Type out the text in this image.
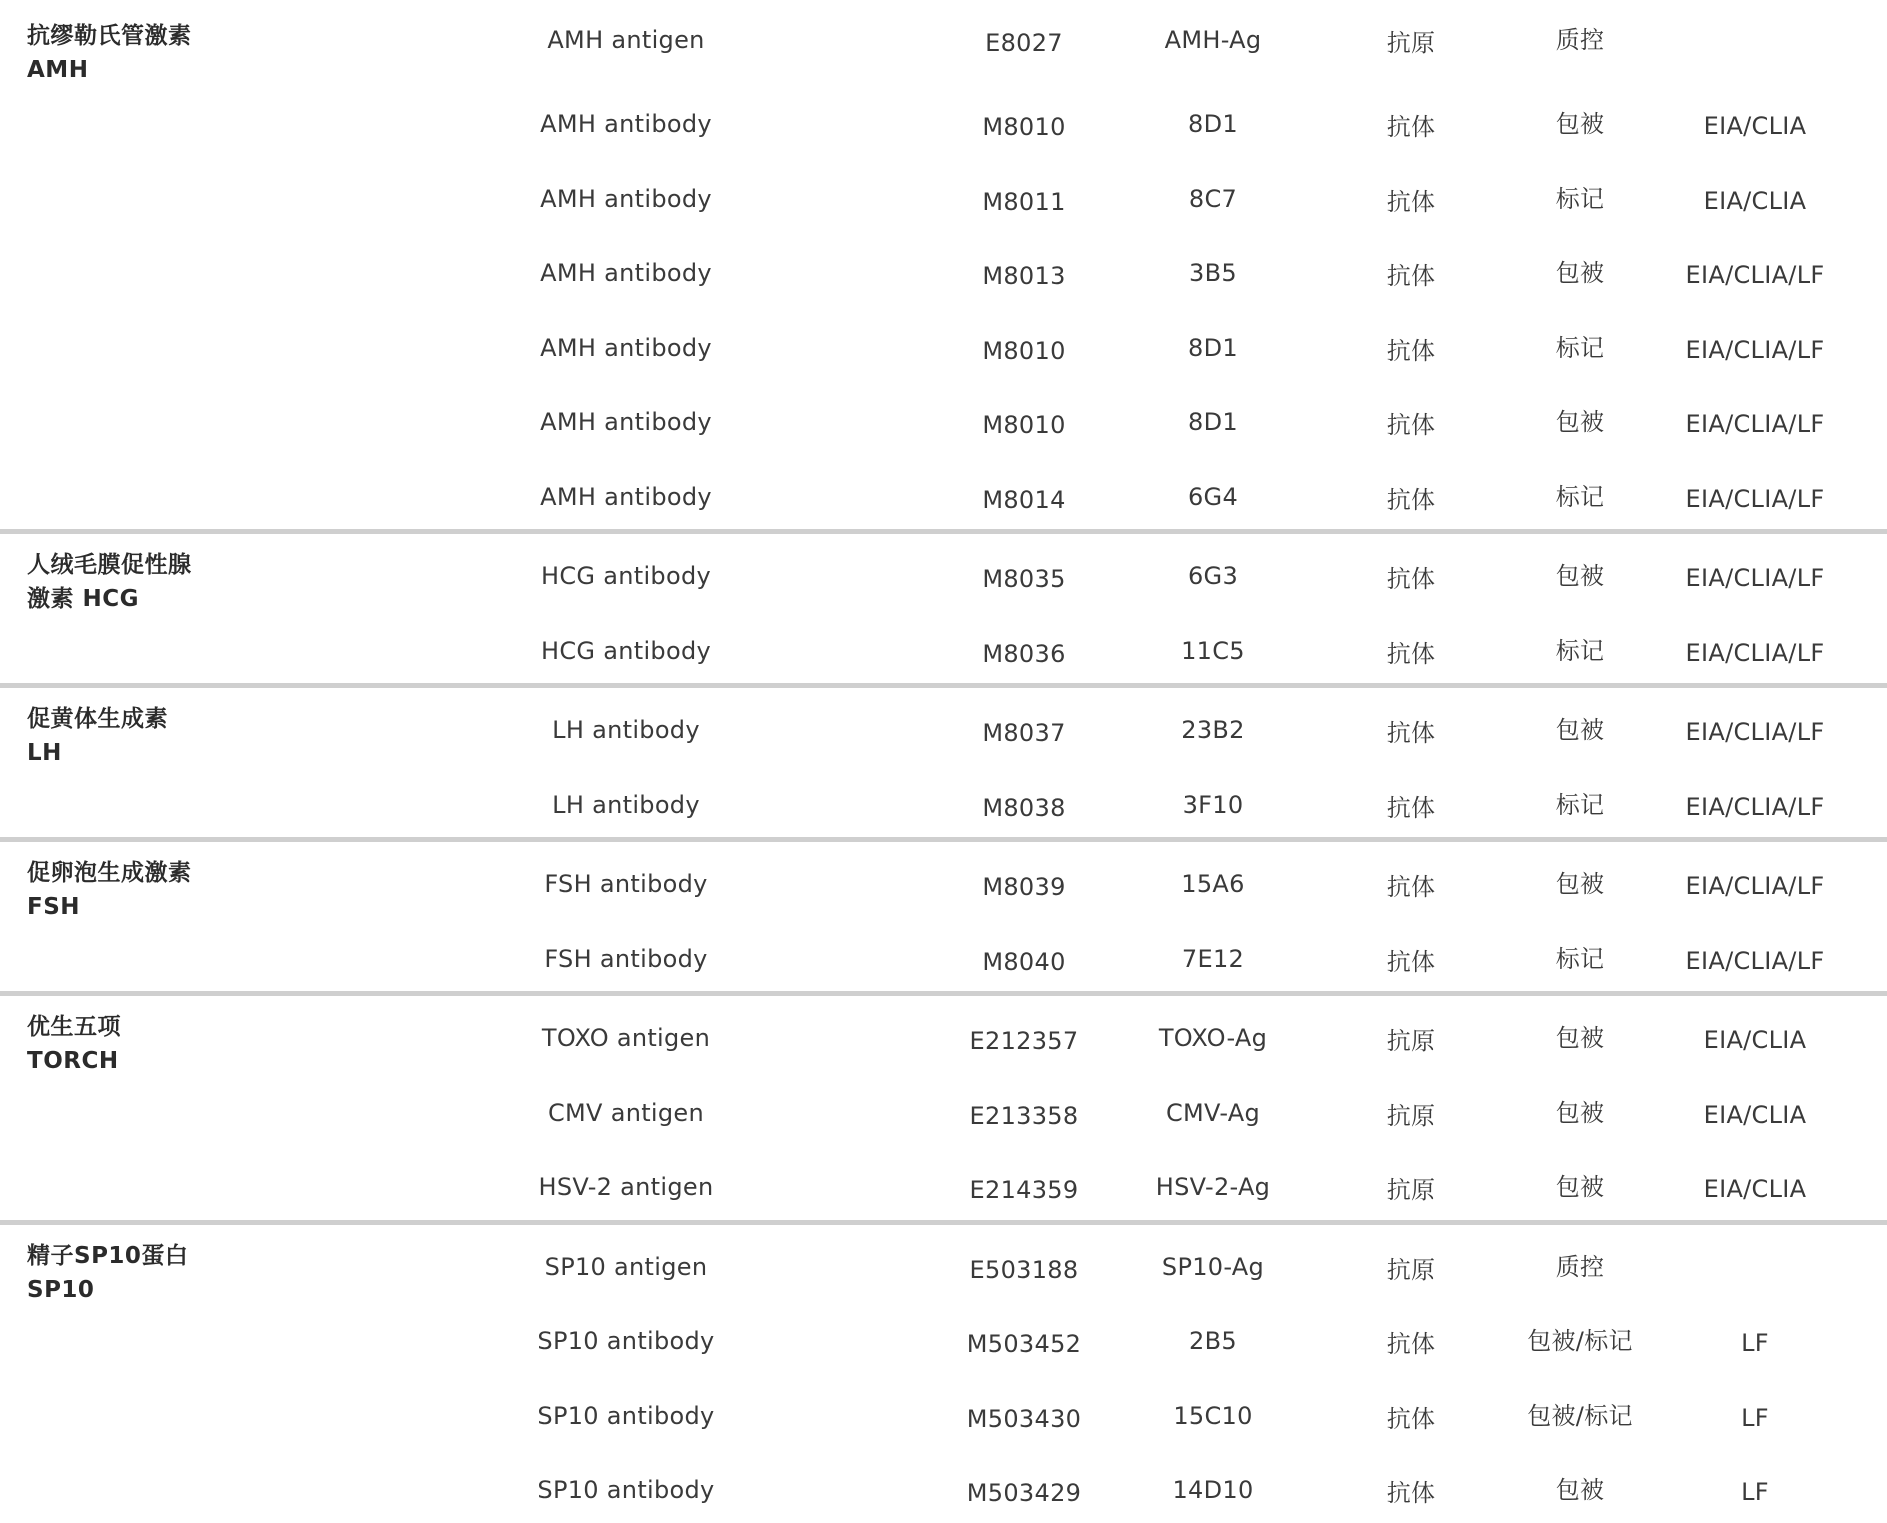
抗缪勒氏管激素
AMH
AMH antigen	E8027	AMH-Ag	抗原	质控
AMH antibody	M8010	8D1	抗体	包被	EIA/CLIA
AMH antibody	M8011	8C7	抗体	标记	EIA/CLIA
AMH antibody	M8013	3B5	抗体	包被	EIA/CLIA/LF
AMH antibody	M8010	8D1	抗体	标记	EIA/CLIA/LF
AMH antibody	M8010	8D1	抗体	包被	EIA/CLIA/LF
AMH antibody	M8014	6G4	抗体	标记	EIA/CLIA/LF
人绒毛膜促性腺
激素 HCG
HCG antibody	M8035	6G3	抗体	包被	EIA/CLIA/LF
HCG antibody	M8036	11C5	抗体	标记	EIA/CLIA/LF
促黄体生成素
LH
LH antibody	M8037	23B2	抗体	包被	EIA/CLIA/LF
LH antibody	M8038	3F10	抗体	标记	EIA/CLIA/LF
促卵泡生成激素
FSH
FSH antibody	M8039	15A6	抗体	包被	EIA/CLIA/LF
FSH antibody	M8040	7E12	抗体	标记	EIA/CLIA/LF
优生五项
TORCH
TOXO antigen	E212357	TOXO-Ag	抗原	包被	EIA/CLIA
CMV antigen	E213358	CMV-Ag	抗原	包被	EIA/CLIA
HSV-2 antigen	E214359	HSV-2-Ag	抗原	包被	EIA/CLIA
精子SP10蛋白
SP10
SP10 antigen	E503188	SP10-Ag	抗原	质控
SP10 antibody	M503452	2B5	抗体	包被/标记	LF
SP10 antibody	M503430	15C10	抗体	包被/标记	LF
SP10 antibody	M503429	14D10	抗体	包被	LF
